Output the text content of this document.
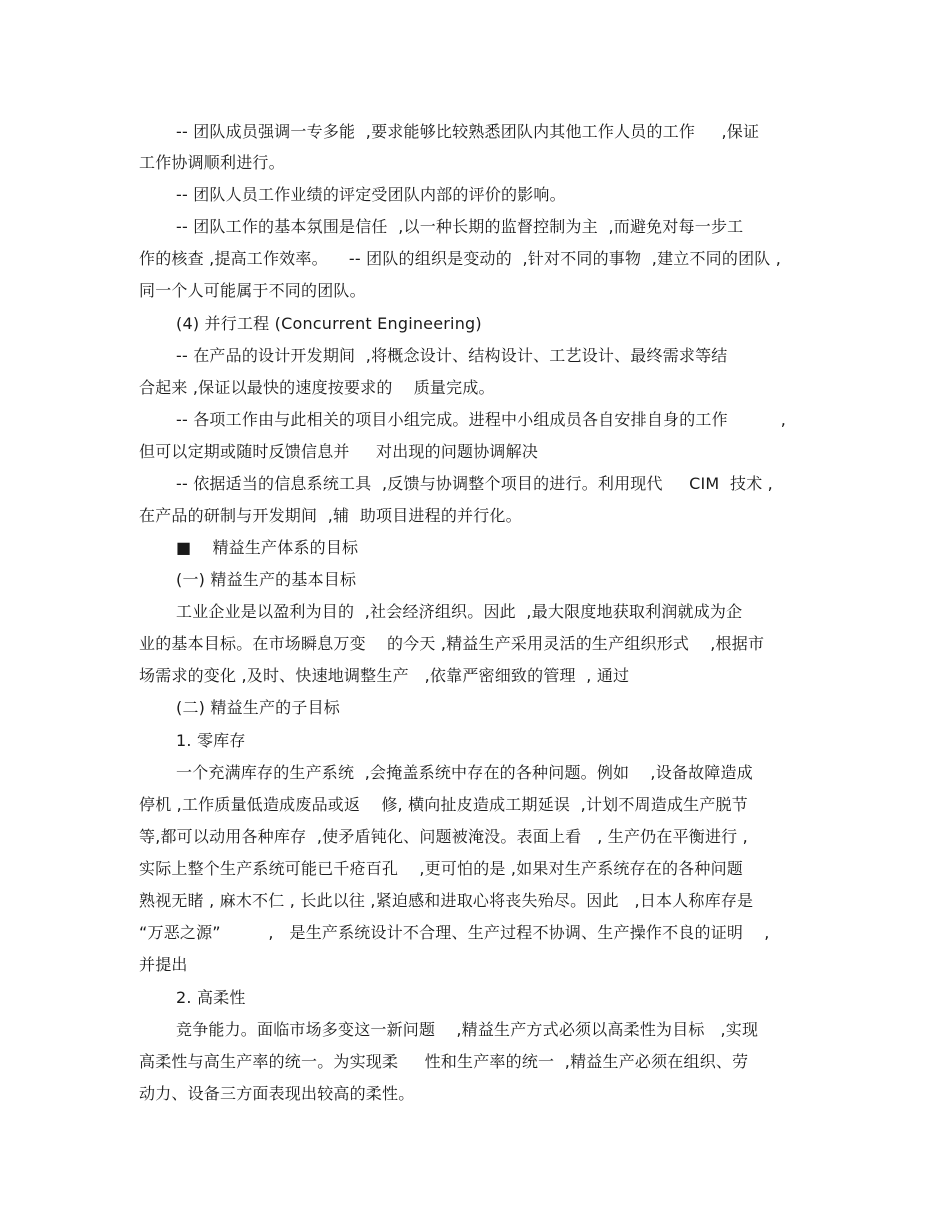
-- 团队成员强调一专多能  ,要求能够比较熟悉团队内其他工作人员的工作     ,保证
工作协调顺利进行。
-- 团队人员工作业绩的评定受团队内部的评价的影响。
-- 团队工作的基本氛围是信任  ,以一种长期的监督控制为主  ,而避免对每一步工
作的核查 ,提高工作效率。    -- 团队的组织是变动的  ,针对不同的事物  ,建立不同的团队 ,
同一个人可能属于不同的团队。
(4) 并行工程 (Concurrent Engineering)
-- 在产品的设计开发期间  ,将概念设计、结构设计、工艺设计、最终需求等结
合起来 ,保证以最快的速度按要求的    质量完成。
-- 各项工作由与此相关的项目小组完成。进程中小组成员各自安排自身的工作          ,
但可以定期或随时反馈信息并     对出现的问题协调解决
-- 依据适当的信息系统工具  ,反馈与协调整个项目的进行。利用现代     CIM  技术 ,
在产品的研制与开发期间  ,辅  助项目进程的并行化。
■    精益生产体系的目标
(一) 精益生产的基本目标
工业企业是以盈利为目的  ,社会经济组织。因此  ,最大限度地获取利润就成为企
业的基本目标。在市场瞬息万变    的今天 ,精益生产采用灵活的生产组织形式    ,根据市
场需求的变化 ,及时、快速地调整生产   ,依靠严密细致的管理  , 通过
(二) 精益生产的子目标
1. 零库存
一个充满库存的生产系统  ,会掩盖系统中存在的各种问题。例如    ,设备故障造成
停机 ,工作质量低造成废品或返    修, 横向扯皮造成工期延误  ,计划不周造成生产脱节
等,都可以动用各种库存  ,使矛盾钝化、问题被淹没。表面上看   , 生产仍在平衡进行 ,
实际上整个生产系统可能已千疮百孔    ,更可怕的是 ,如果对生产系统存在的各种问题
熟视无睹 , 麻木不仁 , 长此以往 ,紧迫感和进取心将丧失殆尽。因此   ,日本人称库存是
“万恶之源”         ,   是生产系统设计不合理、生产过程不协调、生产操作不良的证明    ,
并提出
2. 高柔性
竞争能力。面临市场多变这一新问题    ,精益生产方式必须以高柔性为目标   ,实现
高柔性与高生产率的统一。为实现柔     性和生产率的统一  ,精益生产必须在组织、劳
动力、设备三方面表现出较高的柔性。
